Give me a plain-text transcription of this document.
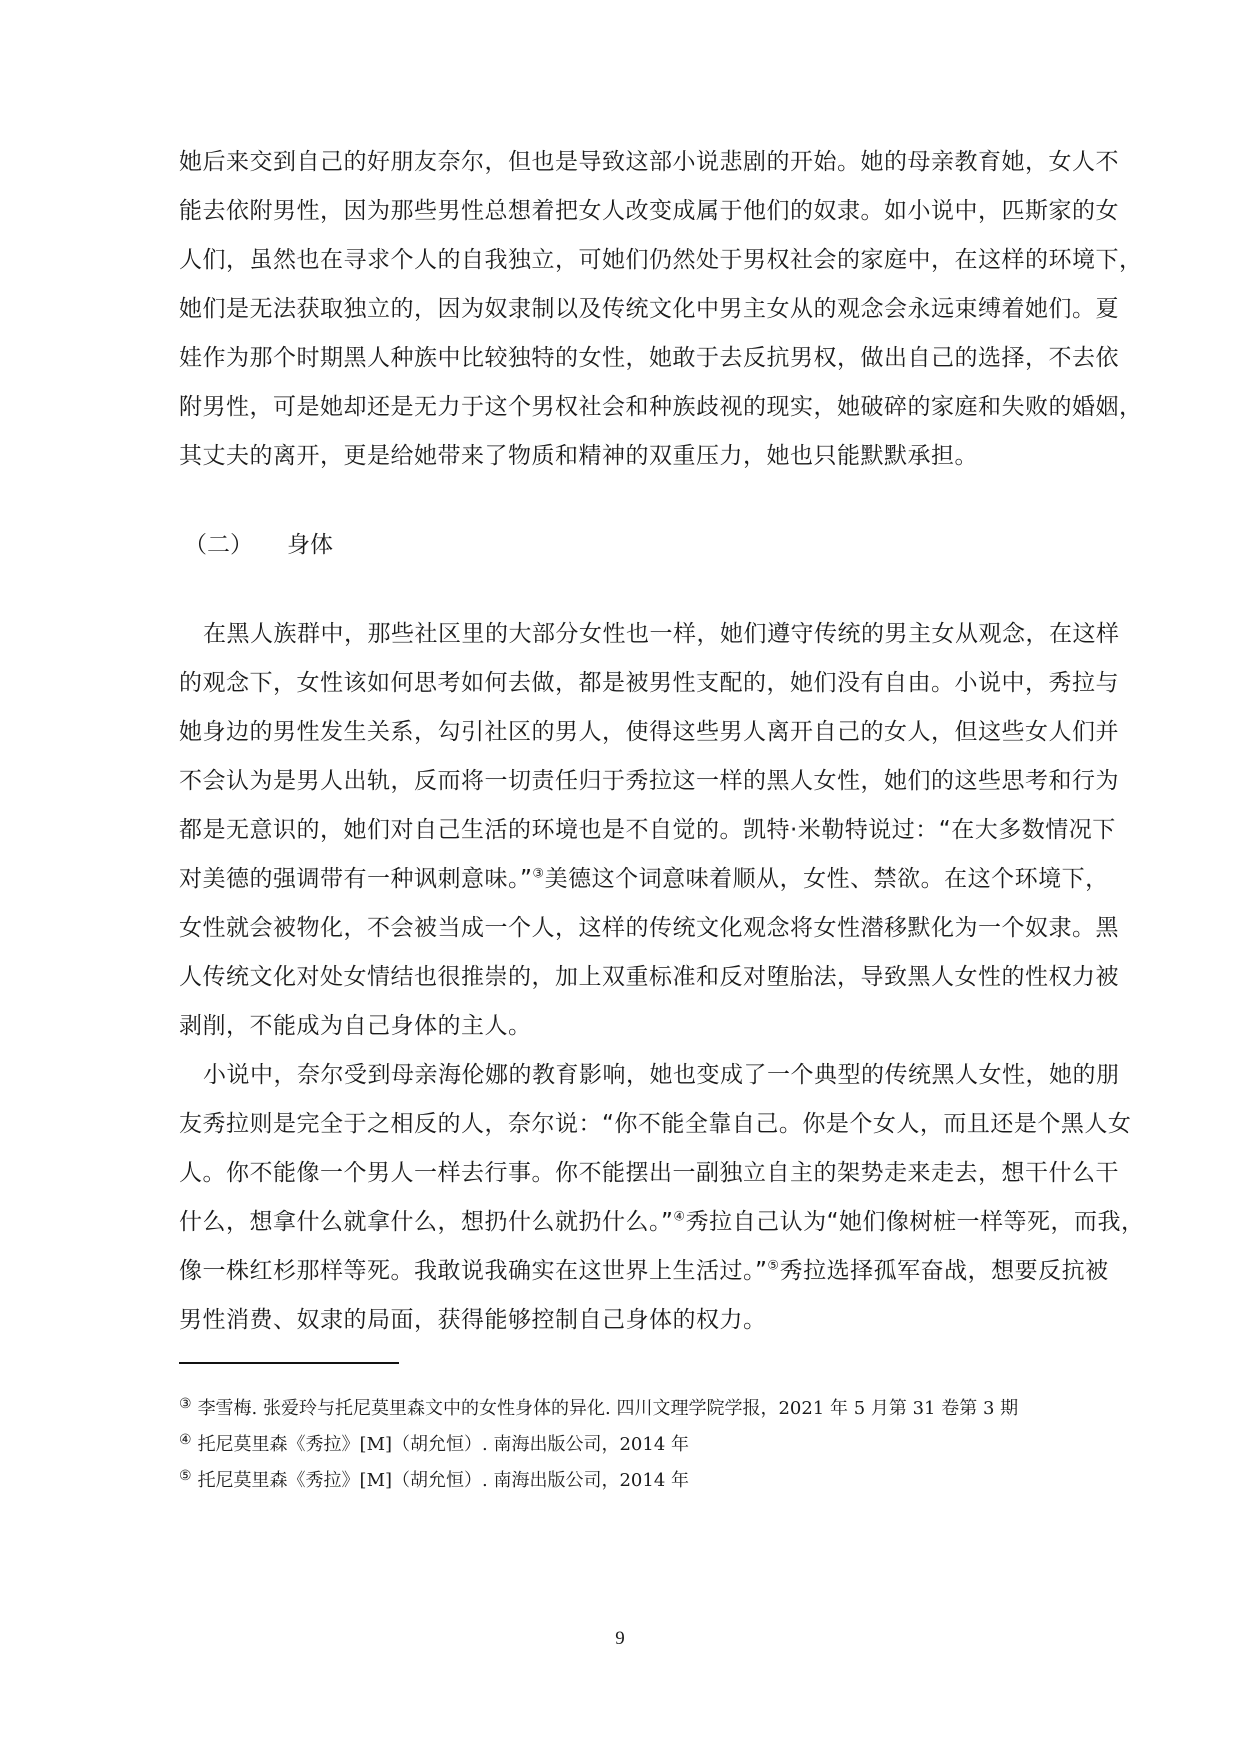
她后来交到自己的好朋友奈尔，但也是导致这部小说悲剧的开始。她的母亲教育她，女人不
能去依附男性，因为那些男性总想着把女人改变成属于他们的奴隶。如小说中，匹斯家的女
人们，虽然也在寻求个人的自我独立，可她们仍然处于男权社会的家庭中，在这样的环境下，
她们是无法获取独立的，因为奴隶制以及传统文化中男主女从的观念会永远束缚着她们。夏
娃作为那个时期黑人种族中比较独特的女性，她敢于去反抗男权，做出自己的选择，不去依
附男性，可是她却还是无力于这个男权社会和种族歧视的现实，她破碎的家庭和失败的婚姻，
其丈夫的离开，更是给她带来了物质和精神的双重压力，她也只能默默承担。
（二） 身体
在黑人族群中，那些社区里的大部分女性也一样，她们遵守传统的男主女从观念，在这样
的观念下，女性该如何思考如何去做，都是被男性支配的，她们没有自由。小说中，秀拉与
她身边的男性发生关系，勾引社区的男人，使得这些男人离开自己的女人，但这些女人们并
不会认为是男人出轨，反而将一切责任归于秀拉这一样的黑人女性，她们的这些思考和行为
都是无意识的，她们对自己生活的环境也是不自觉的。凯特·米勒特说过：“在大多数情况下
对美德的强调带有一种讽刺意味。”③美德这个词意味着顺从，女性、禁欲。在这个环境下，
女性就会被物化，不会被当成一个人，这样的传统文化观念将女性潜移默化为一个奴隶。黑
人传统文化对处女情结也很推崇的，加上双重标准和反对堕胎法，导致黑人女性的性权力被
剥削，不能成为自己身体的主人。
小说中，奈尔受到母亲海伦娜的教育影响，她也变成了一个典型的传统黑人女性，她的朋
友秀拉则是完全于之相反的人，奈尔说：“你不能全靠自己。你是个女人，而且还是个黑人女
人。你不能像一个男人一样去行事。你不能摆出一副独立自主的架势走来走去，想干什么干
什么，想拿什么就拿什么，想扔什么就扔什么。”④秀拉自己认为“她们像树桩一样等死，而我，
像一株红杉那样等死。我敢说我确实在这世界上生活过。”⑤秀拉选择孤军奋战，想要反抗被
男性消费、奴隶的局面，获得能够控制自己身体的权力。
③ 李雪梅. 张爱玲与托尼莫里森文中的女性身体的异化. 四川文理学院学报，2021 年 5 月第 31 卷第 3 期
④ 托尼莫里森《秀拉》[M]（胡允恒）. 南海出版公司，2014 年
⑤ 托尼莫里森《秀拉》[M]（胡允恒）. 南海出版公司，2014 年
9
